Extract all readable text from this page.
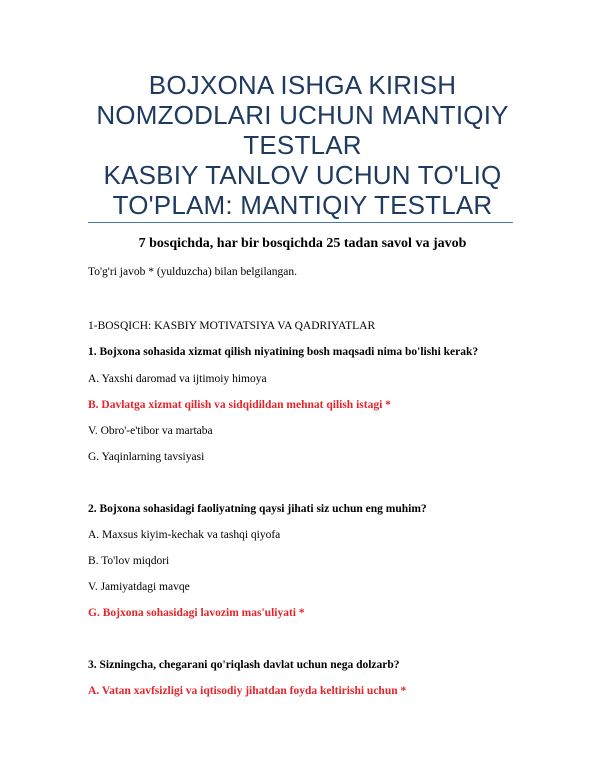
BOJXONA ISHGA KIRISH
NOMZODLARI UCHUN MANTIQIY
TESTLAR
KASBIY TANLOV UCHUN TO'LIQ
TO'PLAM: MANTIQIY TESTLAR
7 bosqichda, har bir bosqichda 25 tadan savol va javob
To'g'ri javob * (yulduzcha) bilan belgilangan.
1-BOSQICH: KASBIY MOTIVATSIYA VA QADRIYATLAR
1. Bojxona sohasida xizmat qilish niyatining bosh maqsadi nima bo'lishi kerak?
A. Yaxshi daromad va ijtimoiy himoya
B. Davlatga xizmat qilish va sidqidildan mehnat qilish istagi *
V. Obro'-e'tibor va martaba
G. Yaqinlarning tavsiyasi
2. Bojxona sohasidagi faoliyatning qaysi jihati siz uchun eng muhim?
A. Maxsus kiyim-kechak va tashqi qiyofa
B. To'lov miqdori
V. Jamiyatdagi mavqe
G. Bojxona sohasidagi lavozim mas'uliyati *
3. Sizningcha, chegarani qo'riqlash davlat uchun nega dolzarb?
A. Vatan xavfsizligi va iqtisodiy jihatdan foyda keltirishi uchun *
